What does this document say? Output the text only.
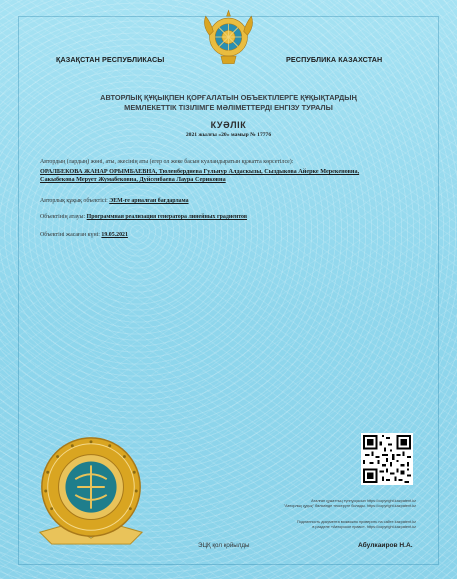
ҚАЗАҚСТАН РЕСПУБЛИКАСЫ	РЕСПУБЛИКА КАЗАХСТАН
АВТОРЛЫҚ ҚҰҚЫҚПЕН ҚОРҒАЛАТЫН ОБЪЕКТІЛЕРГЕ ҚҰҚЫҚТАРДЫҢ
МЕМЛЕКЕТТІК ТІЗІЛІМГЕ МӘЛІМЕТТЕРДІ ЕНГІЗУ ТУРАЛЫ
КУӘЛІК
2021 жылғы «20» мамыр № 17776
Автордың (лардың) жөні, аты, әкесінің аты (егер ол жеке басын куәландыратын құжатта көрсетілсе):
ОРАЛБЕКОВА ЖАНАР ОРЫМБАЕВНА, Тюленбердиева Гульнур Алдаскызы, Сыздыкова Айерке Мерекеновна, Сакыбекова Мерует Жумабековна, Дуйсенбаева Лаура Сериковна
Авторлық құқық объектісі: ЭЕМ-ге арналған бағдарлама
Объектінің атауы: Программная реализация генератора линейных градиентов
Объектіні жасаған күні: 19.05.2021
Аталған құжаттың түпнұсқасын https://copyright.kazpatent.kz
"Авторлық құқық" бөлімінде тексеруге болады. https://copyright.kazpatent.kz
Подлинность документа возможно проверить на сайте kazpatent.kz
в разделе «Авторское право». https://copyright.kazpatent.kz
ЭЦҚ қол қойылды	Абулкаиров Н.А.
